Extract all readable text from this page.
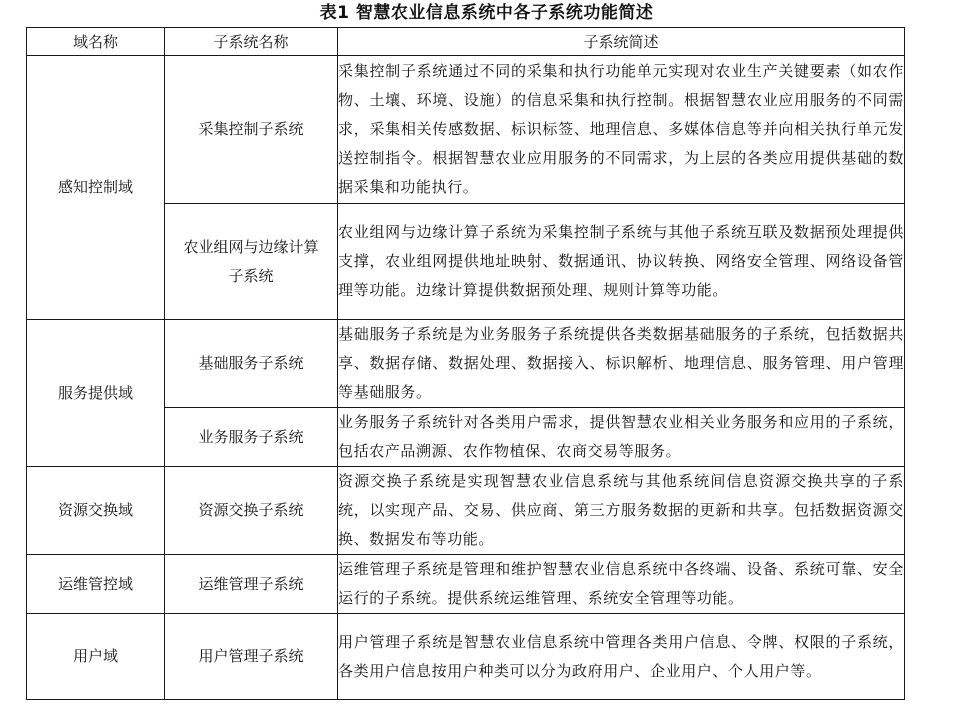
表1 智慧农业信息系统中各子系统功能简述
域名称	子系统名称	子系统简述
感知控制域	采集控制子系统	采集控制子系统通过不同的采集和执行功能单元实现对农业生产关键要素（如农作物、土壤、环境、设施）的信息采集和执行控制。根据智慧农业应用服务的不同需求，采集相关传感数据、标识标签、地理信息、多媒体信息等并向相关执行单元发送控制指令。根据智慧农业应用服务的不同需求，为上层的各类应用提供基础的数据采集和功能执行。

	农业组网与边缘计算子系统	农业组网与边缘计算子系统为采集控制子系统与其他子系统互联及数据预处理提供支撑，农业组网提供地址映射、数据通讯、协议转换、网络安全管理、网络设备管理等功能。边缘计算提供数据预处理、规则计算等功能。
服务提供域	基础服务子系统	基础服务子系统是为业务服务子系统提供各类数据基础服务的子系统，包括数据共享、数据存储、数据处理、数据接入、标识解析、地理信息、服务管理、用户管理等基础服务。

	业务服务子系统	业务服务子系统针对各类用户需求，提供智慧农业相关业务服务和应用的子系统，包括农产品溯源、农作物植保、农商交易等服务。
资源交换域	资源交换子系统	资源交换子系统是实现智慧农业信息系统与其他系统间信息资源交换共享的子系统，以实现产品、交易、供应商、第三方服务数据的更新和共享。包括数据资源交换、数据发布等功能。
运维管控域	运维管理子系统	运维管理子系统是管理和维护智慧农业信息系统中各终端、设备、系统可靠、安全运行的子系统。提供系统运维管理、系统安全管理等功能。
用户域	用户管理子系统	用户管理子系统是智慧农业信息系统中管理各类用户信息、令牌、权限的子系统，各类用户信息按用户种类可以分为政府用户、企业用户、个人用户等。
